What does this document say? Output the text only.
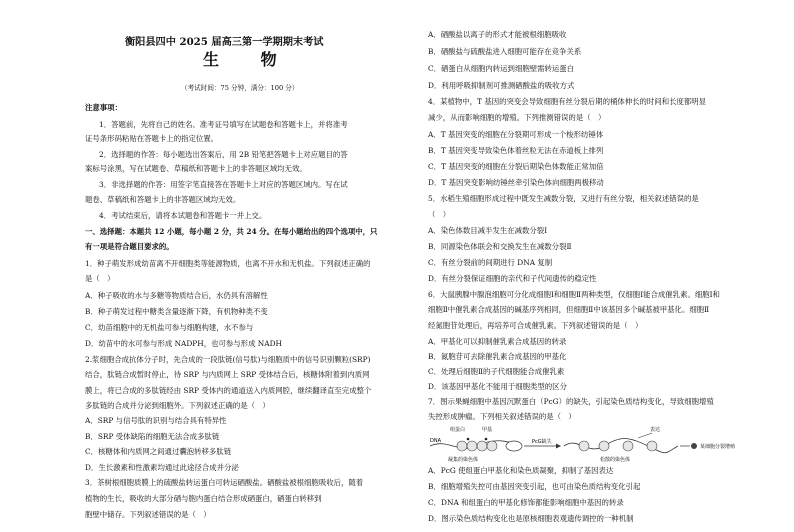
衡阳县四中 2025 届高三第一学期期末考试
生 物
（考试时间：75 分钟，满分：100 分）
注意事项：
1．答题前，先将自己的姓名、准考证号填写在试题卷和答题卡上，并将准考
证号条形码粘贴在答题卡上的指定位置。
2．选择题的作答：每小题选出答案后，用 2B 铅笔把答题卡上对应题目的答
案标号涂黑，写在试题卷、草稿纸和答题卡上的非答题区域均无效。
3．非选择题的作答：用签字笔直接答在答题卡上对应的答题区域内。写在试
题卷、草稿纸和答题卡上的非答题区域均无效。
4．考试结束后，请将本试题卷和答题卡一并上交。
一、选择题：本题共 12 小题，每小题 2 分，共 24 分。在每小题给出的四个选项中，只
有一项是符合题目要求的。
1．种子萌发形成幼苗离不开细胞类等能源物质，也离不开水和无机盐。下列叙述正确的
是（　）
A．种子吸收的水与多糖等物质结合后，水仍具有溶解性
B．种子萌发过程中糖类含量逐渐下降，有机物种类不变
C．幼苗细胞中的无机盐可参与细胞构建，水不参与
D．幼苗中的水可参与形成 NADPH，也可参与形成 NADH
2.浆细胞合成抗体分子时，先合成的一段肽链(信号肽)与细胞质中的信号识别颗粒(SRP)
结合，肽链合成暂时停止，待 SRP 与内质网上 SRP 受体结合后，核糖体附着到内质网
膜上，将已合成的多肽链经由 SRP 受体内的通道送入内质网腔，继续翻译直至完成整个
多肽链的合成并分泌到细胞外。下列叙述正确的是（　）
A．SRP 与信号肽的识别与结合具有特异性
B．SRP 受体缺陷的细胞无法合成多肽链
C．核糖体和内质网之间通过囊泡转移多肽链
D．生长激素和性激素均通过此途径合成并分泌
3．茶树根细胞质膜上的硫酸盐转运蛋白可转运硒酸盐。硒酸盐被根细胞吸收后，随着
植物的生长，吸收的大部分硒与胞内蛋白结合形成硒蛋白，硒蛋白转移到
胞壁中储存。下列叙述错误的是（　）
A．硒酸盐以离子的形式才能被根细胞吸收
B．硒酸盐与硫酸盐进入细胞可能存在竞争关系
C．硒蛋白从细胞内转运到细胞壁需转运蛋白
D．利用呼吸抑制剂可推测硒酸盐的吸收方式
4．某植物中，T 基因的突变会导致细胞有丝分裂后期的桶体伸长的时间和长度都明显
减少，从而影响细胞的增殖。下列推测错误的是（　）
A．T 基因突变的细胞在分裂期可形成一个梭形纺锤体
B．T 基因突变导致染色体着丝粒无法在赤道板上排列
C．T 基因突变的细胞在分裂后期染色体数能正常加倍
D．T 基因突变影响纺锤丝牵引染色体向细胞两极移动
5．水稻生殖细胞形成过程中既发生减数分裂，又进行有丝分裂，相关叙述错误的是
（　）
A．染色体数目减半发生在减数分裂Ⅰ
B．同源染色体联会和交换发生在减数分裂Ⅱ
C．有丝分裂前的间期进行 DNA 复制
D．有丝分裂保证细胞的亲代和子代间遗传的稳定性
6．大鼠胰腺中腺泡细胞可分化成细胞Ⅰ和细胞Ⅱ两种类型，仅细胞Ⅰ能合成催乳素。细胞Ⅰ和
细胞Ⅱ中催乳素合成基因的碱基序列相同，但细胞Ⅱ中该基因多个碱基被甲基化。细胞Ⅱ
经氮胞苷处理后，再培养可合成催乳素。下列叙述错误的是（　）
A．甲基化可以抑制催乳素合成基因的转录
B．氮胞苷可去除催乳素合成基因的甲基化
C．处理后细胞Ⅱ的子代细胞能合成催乳素
D．该基因甲基化不能用于细胞类型的区分
7．图示果蝇细胞中基因沉默蛋白（PcG）的缺失，引起染色质结构变化，导致细胞增殖
失控形成肿瘤。下列相关叙述错误的是（　）
组蛋白	甲基
PcG缺失
表达
DNA
凝集的染色体	松散的染色体
某细胞分裂增殖
A．PcG 使组蛋白甲基化和染色质凝聚，抑制了基因表达
B．细胞增殖失控可由基因突变引起，也可由染色质结构变化引起
C．DNA 和组蛋白的甲基化修饰都能影响细胞中基因的转录
D．图示染色质结构变化也是原核细胞表观遗传调控的一种机制
